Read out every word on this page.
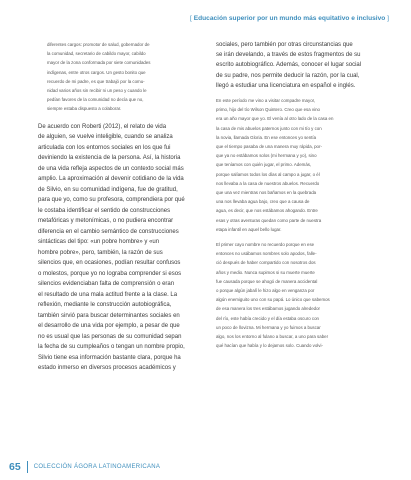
[ Educación superior por un mundo más equitativo e inclusivo ]

diferentes cargos: promotor de salud, gobernador de

la comunidad, secretario de cabildo mayor, cabildo

mayor de la zona conformada por siete comunidades

indígenas, entre otros cargos. Un gesto bonito que

recuerdo de mi padre, es que trabajó por la comu-

nidad varios años sin recibir ni un peso y cuando le

pedían favores de la comunidad no decía que no,

siempre estaba dispuesto a colaborar.

De acuerdo con Roberti (2012), el relato de vida

de alguien, se vuelve inteligible, cuando se analiza

articulada con los entornos sociales en los que fui

deviniendo la existencia de la persona. Así, la historia

de una vida refleja aspectos de un contexto social más

amplio. La aproximación al devenir cotidiano de la vida

de Silvio, en su comunidad indígena, fue de gratitud,

para que yo, como su profesora, comprendiera por qué

le costaba identificar el sentido de construcciones

metafóricas y metonímicas, o no pudiera encontrar

diferencia en el cambio semántico de construcciones

sintácticas del tipo: «un pobre hombre» y «un

hombre pobre», pero, también, la razón de sus

silencios que, en ocasiones, podían resultar confusos

o molestos, porque yo no lograba comprender si esos

silencios evidenciaban falta de comprensión o eran

el resultado de una mala actitud frente a la clase. La

reflexión, mediante le construcción autobiográfica,

también sirvió para buscar determinantes sociales en

el desarrollo de una vida por ejemplo, a pesar de que

no es usual que las personas de su comunidad sepan

la fecha de su cumpleaños o tengan un nombre propio,

Silvio tiene esa información bastante clara, porque ha

estado inmerso en diversos procesos académicos y

sociales, pero también por otras circunstancias que

se irán develando, a través de estos fragmentos de su

escrito autobiográfico. Además, conocer el lugar social

de su padre, nos permite deducir la razón, por la cual,

llegó a estudiar una licenciatura en español e inglés.

En este período me vino a visitar compadre mayor,

primo, hijo del tío Wilson Quintero. Creo que esa vino

era un año mayor que yo. El venía al otro lado de la casa en

la casa de mis abuelos paternos junto con mi tío y con

la novia, llamada Gloria. En ese entonces yo sentía

que el tiempo pasaba de una manera muy rápida, por-

que ya no estábamos solos (mi hermana y yo), sino

que teníamos con quién jugar, el primo. Además,

porque salíamos todos los días al campo a jugar, o él

nos llevaba a la casa de nuestros abuelos. Recuerdo

que una vez mientras nos bañamos en la quebrada

una nos llevaba agua bajo, creo que a causa de

agua, es decir, que nos estábamos ahogando. Entre

esas y otras aventuras quedan como parte de nuestra

etapa infantil en aquel bello lugar.

El primer cayo nombre no recuerdo porque en ese

entonces no usábamos nombres solo apodos, falle-

ció después de haber compartido con nosotros dos

años y medio. Nunca supimos si su muerte muerte

fue causada porque se ahogó de manera accidental

o porque algún jabalí le hizo algo en venganza por

algún enemiguito uno con su papá. Lo único que sabemos

de esa manera los tres estábamos jugando alrededor

del río, este había crecido y el día estaba oscuro con

un poco de llovizna. Mi hermana y yo fuimos a buscar

algo, nos los entorno al fulano a buscar, a uno para saber

qué hacían que había y lo dejamos solo. Cuando volvi-

65 COLECCIÓN ÁGORA LATINOAMERICANA
